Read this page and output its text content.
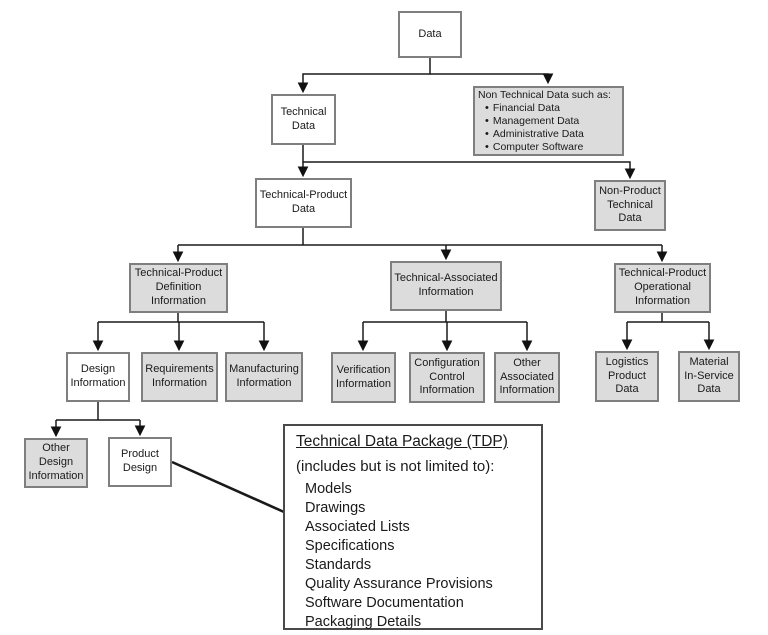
Data
Technical Data
Non Technical Data such as:
• Financial Data
• Management Data
• Administrative Data
• Computer Software
Technical-Product Data
Non-Product Technical Data
Technical-Product Definition Information
Technical-Associated Information
Technical-Product Operational Information
Design Information
Requirements Information
Manufacturing Information
Verification Information
Configuration Control Information
Other Associated Information
Logistics Product Data
Material In-Service Data
Other Design Information
Product Design
Technical Data Package (TDP)
(includes but is not limited to):
Models
Drawings
Associated Lists
Specifications
Standards
Quality Assurance Provisions
Software Documentation
Packaging Details
